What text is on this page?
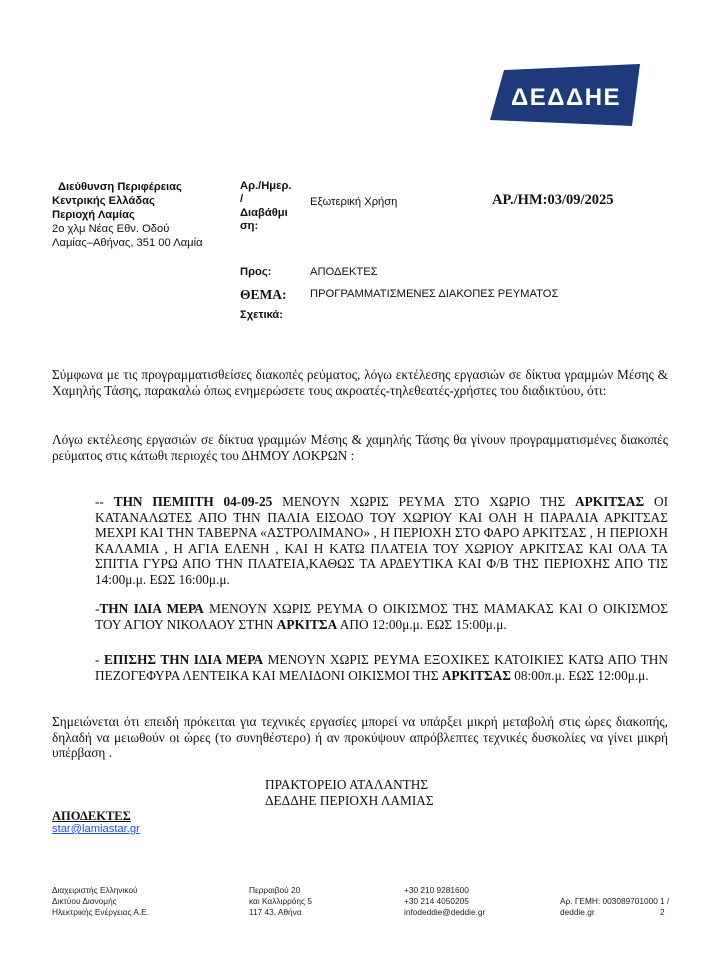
ΔΕΔΔΗΕ
Διεύθυνση Περιφέρειας
Κεντρικής Ελλάδας
Περιοχή Λαμίας
2ο χλμ Νέας Εθν. Οδού
Λαμίας–Αθήνας, 351 00 Λαμία
Αρ./Ημερ.
/
Διαβάθμι
ση:
Εξωτερική Χρήση	ΑΡ./ΗΜ:03/09/2025
Προς:	ΑΠΟΔΕΚΤΕΣ
ΘΕΜΑ: ΠΡΟΓΡΑΜΜΑΤΙΣΜΕΝΕΣ ΔΙΑΚΟΠΕΣ ΡΕΥΜΑΤΟΣ
Σχετικά:
Σύμφωνα με τις προγραμματισθείσες διακοπές ρεύματος, λόγω εκτέλεσης εργασιών σε δίκτυα γραμμών Μέσης & Χαμηλής Τάσης, παρακαλώ όπως ενημερώσετε τους ακροατές-τηλεθεατές-χρήστες του διαδικτύου, ότι:
Λόγω εκτέλεσης εργασιών σε δίκτυα γραμμών Μέσης & χαμηλής Τάσης θα γίνουν προγραμματισμένες διακοπές ρεύματος στις κάτωθι περιοχές του ΔΗΜΟΥ ΛΟΚΡΩΝ :
-- ΤΗΝ ΠΕΜΠΤΗ 04-09-25 ΜΕΝΟΥΝ ΧΩΡΙΣ ΡΕΥΜΑ ΣΤΟ ΧΩΡΙΟ ΤΗΣ ΑΡΚΙΤΣΑΣ ΟΙ ΚΑΤΑΝΑΛΩΤΕΣ ΑΠΟ ΤΗΝ ΠΑΛΙΑ ΕΙΣΟΔΟ ΤΟΥ ΧΩΡΙΟΥ ΚΑΙ ΟΛΗ Η ΠΑΡΑΛΙΑ ΑΡΚΙΤΣΑΣ ΜΕΧΡΙ ΚΑΙ ΤΗΝ ΤΑΒΕΡΝΑ «ΑΣΤΡΟΛΙΜΑΝΟ» , Η ΠΕΡΙΟΧΗ ΣΤΟ ΦΑΡΟ ΑΡΚΙΤΣΑΣ , Η ΠΕΡΙΟΧΗ ΚΑΛΑΜΙΑ , Η ΑΓΙΑ ΕΛΕΝΗ , ΚΑΙ Η ΚΑΤΩ ΠΛΑΤΕΙΑ ΤΟΥ ΧΩΡΙΟΥ ΑΡΚΙΤΣΑΣ ΚΑΙ ΟΛΑ ΤΑ ΣΠΙΤΙΑ ΓΥΡΩ ΑΠΟ ΤΗΝ ΠΛΑΤΕΙΑ,ΚΑΘΩΣ ΤΑ ΑΡΔΕΥΤΙΚΑ ΚΑΙ Φ/Β ΤΗΣ ΠΕΡΙΟΧΗΣ ΑΠΟ ΤΙΣ 14:00μ.μ. ΕΩΣ 16:00μ.μ.
-ΤΗΝ ΙΔΙΑ ΜΕΡΑ ΜΕΝΟΥΝ ΧΩΡΙΣ ΡΕΥΜΑ Ο ΟΙΚΙΣΜΟΣ ΤΗΣ ΜΑΜΑΚΑΣ ΚΑΙ Ο ΟΙΚΙΣΜΟΣ ΤΟΥ ΑΓΙΟΥ ΝΙΚΟΛΑΟΥ ΣΤΗΝ ΑΡΚΙΤΣΑ ΑΠΟ 12:00μ.μ. ΕΩΣ 15:00μ.μ.
- ΕΠΙΣΗΣ ΤΗΝ ΙΔΙΑ ΜΕΡΑ ΜΕΝΟΥΝ ΧΩΡΙΣ ΡΕΥΜΑ ΕΞΟΧΙΚΕΣ ΚΑΤΟΙΚΙΕΣ ΚΑΤΩ ΑΠΟ ΤΗΝ ΠΕΖΟΓΕΦΥΡΑ ΛΕΝΤΕΙΚΑ ΚΑΙ ΜΕΛΙΔΟΝΙ ΟΙΚΙΣΜΟΙ ΤΗΣ ΑΡΚΙΤΣΑΣ 08:00π.μ. ΕΩΣ 12:00μ.μ.
Σημειώνεται ότι επειδή πρόκειται για τεχνικές εργασίες μπορεί να υπάρξει μικρή μεταβολή στις ώρες διακοπής, δηλαδή να μειωθούν οι ώρες (το συνηθέστερο) ή αν προκύψουν απρόβλεπτες τεχνικές δυσκολίες να γίνει μικρή υπέρβαση .
ΠΡΑΚΤΟΡΕΙΟ ΑΤΑΛΑΝΤΗΣ
ΔΕΔΔΗΕ ΠΕΡΙΟΧΗ ΛΑΜΙΑΣ
ΑΠΟΔΕΚΤΕΣ
star@lamiastar.gr
Διαχειριστής Ελληνικού
Δικτύου Διανομής
Ηλεκτρικής Ενέργειας Α.Ε.
Περραιβού 20
και Καλλιρρόης 5
117 43, Αθήνα
+30 210 9281600
+30 214 4050205
infodeddie@deddie.gr
Αρ. ΓΕΜΗ: 003089701000
deddie.gr
1 /
2
